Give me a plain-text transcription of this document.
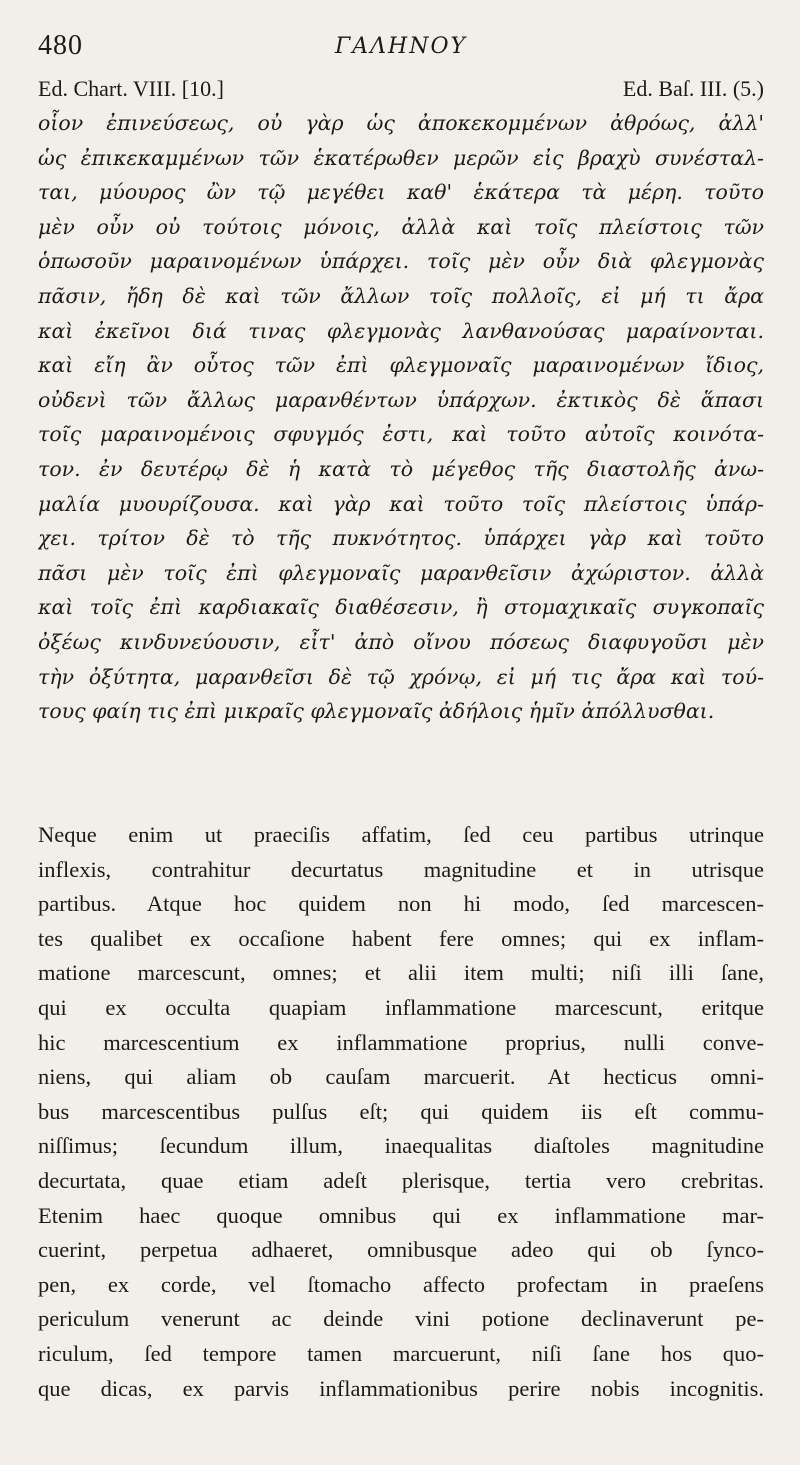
480	ΓΑΛΗΝΟΥ
Ed. Chart. VIII. [10.]	Ed. Baſ. III. (5.)
οἷον ἐπινεύσεως, οὐ γὰρ ὡς ἀποκεκομμένων ἀθρόως, ἀλλ'
ὡς ἐπικεκαμμένων τῶν ἑκατέρωθεν μερῶν εἰς βραχὺ συνέσταλ-
ται, μύουρος ὢν τῷ μεγέθει καθ' ἑκάτερα τὰ μέρη. τοῦτο
μὲν οὖν οὐ τούτοις μόνοις, ἀλλὰ καὶ τοῖς πλείστοις τῶν
ὁπωσοῦν μαραινομένων ὑπάρχει. τοῖς μὲν οὖν διὰ φλεγμονὰς
πᾶσιν, ἤδη δὲ καὶ τῶν ἄλλων τοῖς πολλοῖς, εἰ μή τι ἄρα
καὶ ἐκεῖνοι διά τινας φλεγμονὰς λανθανούσας μαραίνονται.
καὶ εἴη ἂν οὗτος τῶν ἐπὶ φλεγμοναῖς μαραινομένων ἴδιος,
οὐδενὶ τῶν ἄλλως μαρανθέντων ὑπάρχων. ἐκτικὸς δὲ ἅπασι
τοῖς μαραινομένοις σφυγμός ἐστι, καὶ τοῦτο αὐτοῖς κοινότα-
τον. ἐν δευτέρῳ δὲ ἡ κατὰ τὸ μέγεθος τῆς διαστολῆς ἀνω-
μαλία μυουρίζουσα. καὶ γὰρ καὶ τοῦτο τοῖς πλείστοις ὑπάρ-
χει. τρίτον δὲ τὸ τῆς πυκνότητος. ὑπάρχει γὰρ καὶ τοῦτο
πᾶσι μὲν τοῖς ἐπὶ φλεγμοναῖς μαρανθεῖσιν ἀχώριστον. ἀλλὰ
καὶ τοῖς ἐπὶ καρδιακαῖς διαθέσεσιν, ἢ στομαχικαῖς συγκοπαῖς
ὀξέως κινδυνεύουσιν, εἶτ' ἀπὸ οἴνου πόσεως διαφυγοῦσι μὲν
τὴν ὀξύτητα, μαρανθεῖσι δὲ τῷ χρόνῳ, εἰ μή τις ἄρα καὶ τού-
τους φαίη τις ἐπὶ μικραῖς φλεγμοναῖς ἀδήλοις ἡμῖν ἀπόλλυσθαι.
Neque enim ut praeciſis affatim, ſed ceu partibus utrinque
inflexis, contrahitur decurtatus magnitudine et in utrisque
partibus. Atque hoc quidem non hi modo, ſed marcescen-
tes qualibet ex occaſione habent fere omnes; qui ex inflam-
matione marcescunt, omnes; et alii item multi; niſi illi ſane,
qui ex occulta quapiam inflammatione marcescunt, eritque
hic marcescentium ex inflammatione proprius, nulli conve-
niens, qui aliam ob cauſam marcuerit. At hecticus omni-
bus marcescentibus pulſus eſt; qui quidem iis eſt commu-
niſſimus; ſecundum illum, inaequalitas diaſtoles magnitudine
decurtata, quae etiam adeſt plerisque, tertia vero crebritas.
Etenim haec quoque omnibus qui ex inflammatione mar-
cuerint, perpetua adhaeret, omnibusque adeo qui ob ſynco-
pen, ex corde, vel ſtomacho affecto profectam in praeſens
periculum venerunt ac deinde vini potione declinaverunt pe-
riculum, ſed tempore tamen marcuerunt, niſi ſane hos quo-
que dicas, ex parvis inflammationibus perire nobis incognitis.
